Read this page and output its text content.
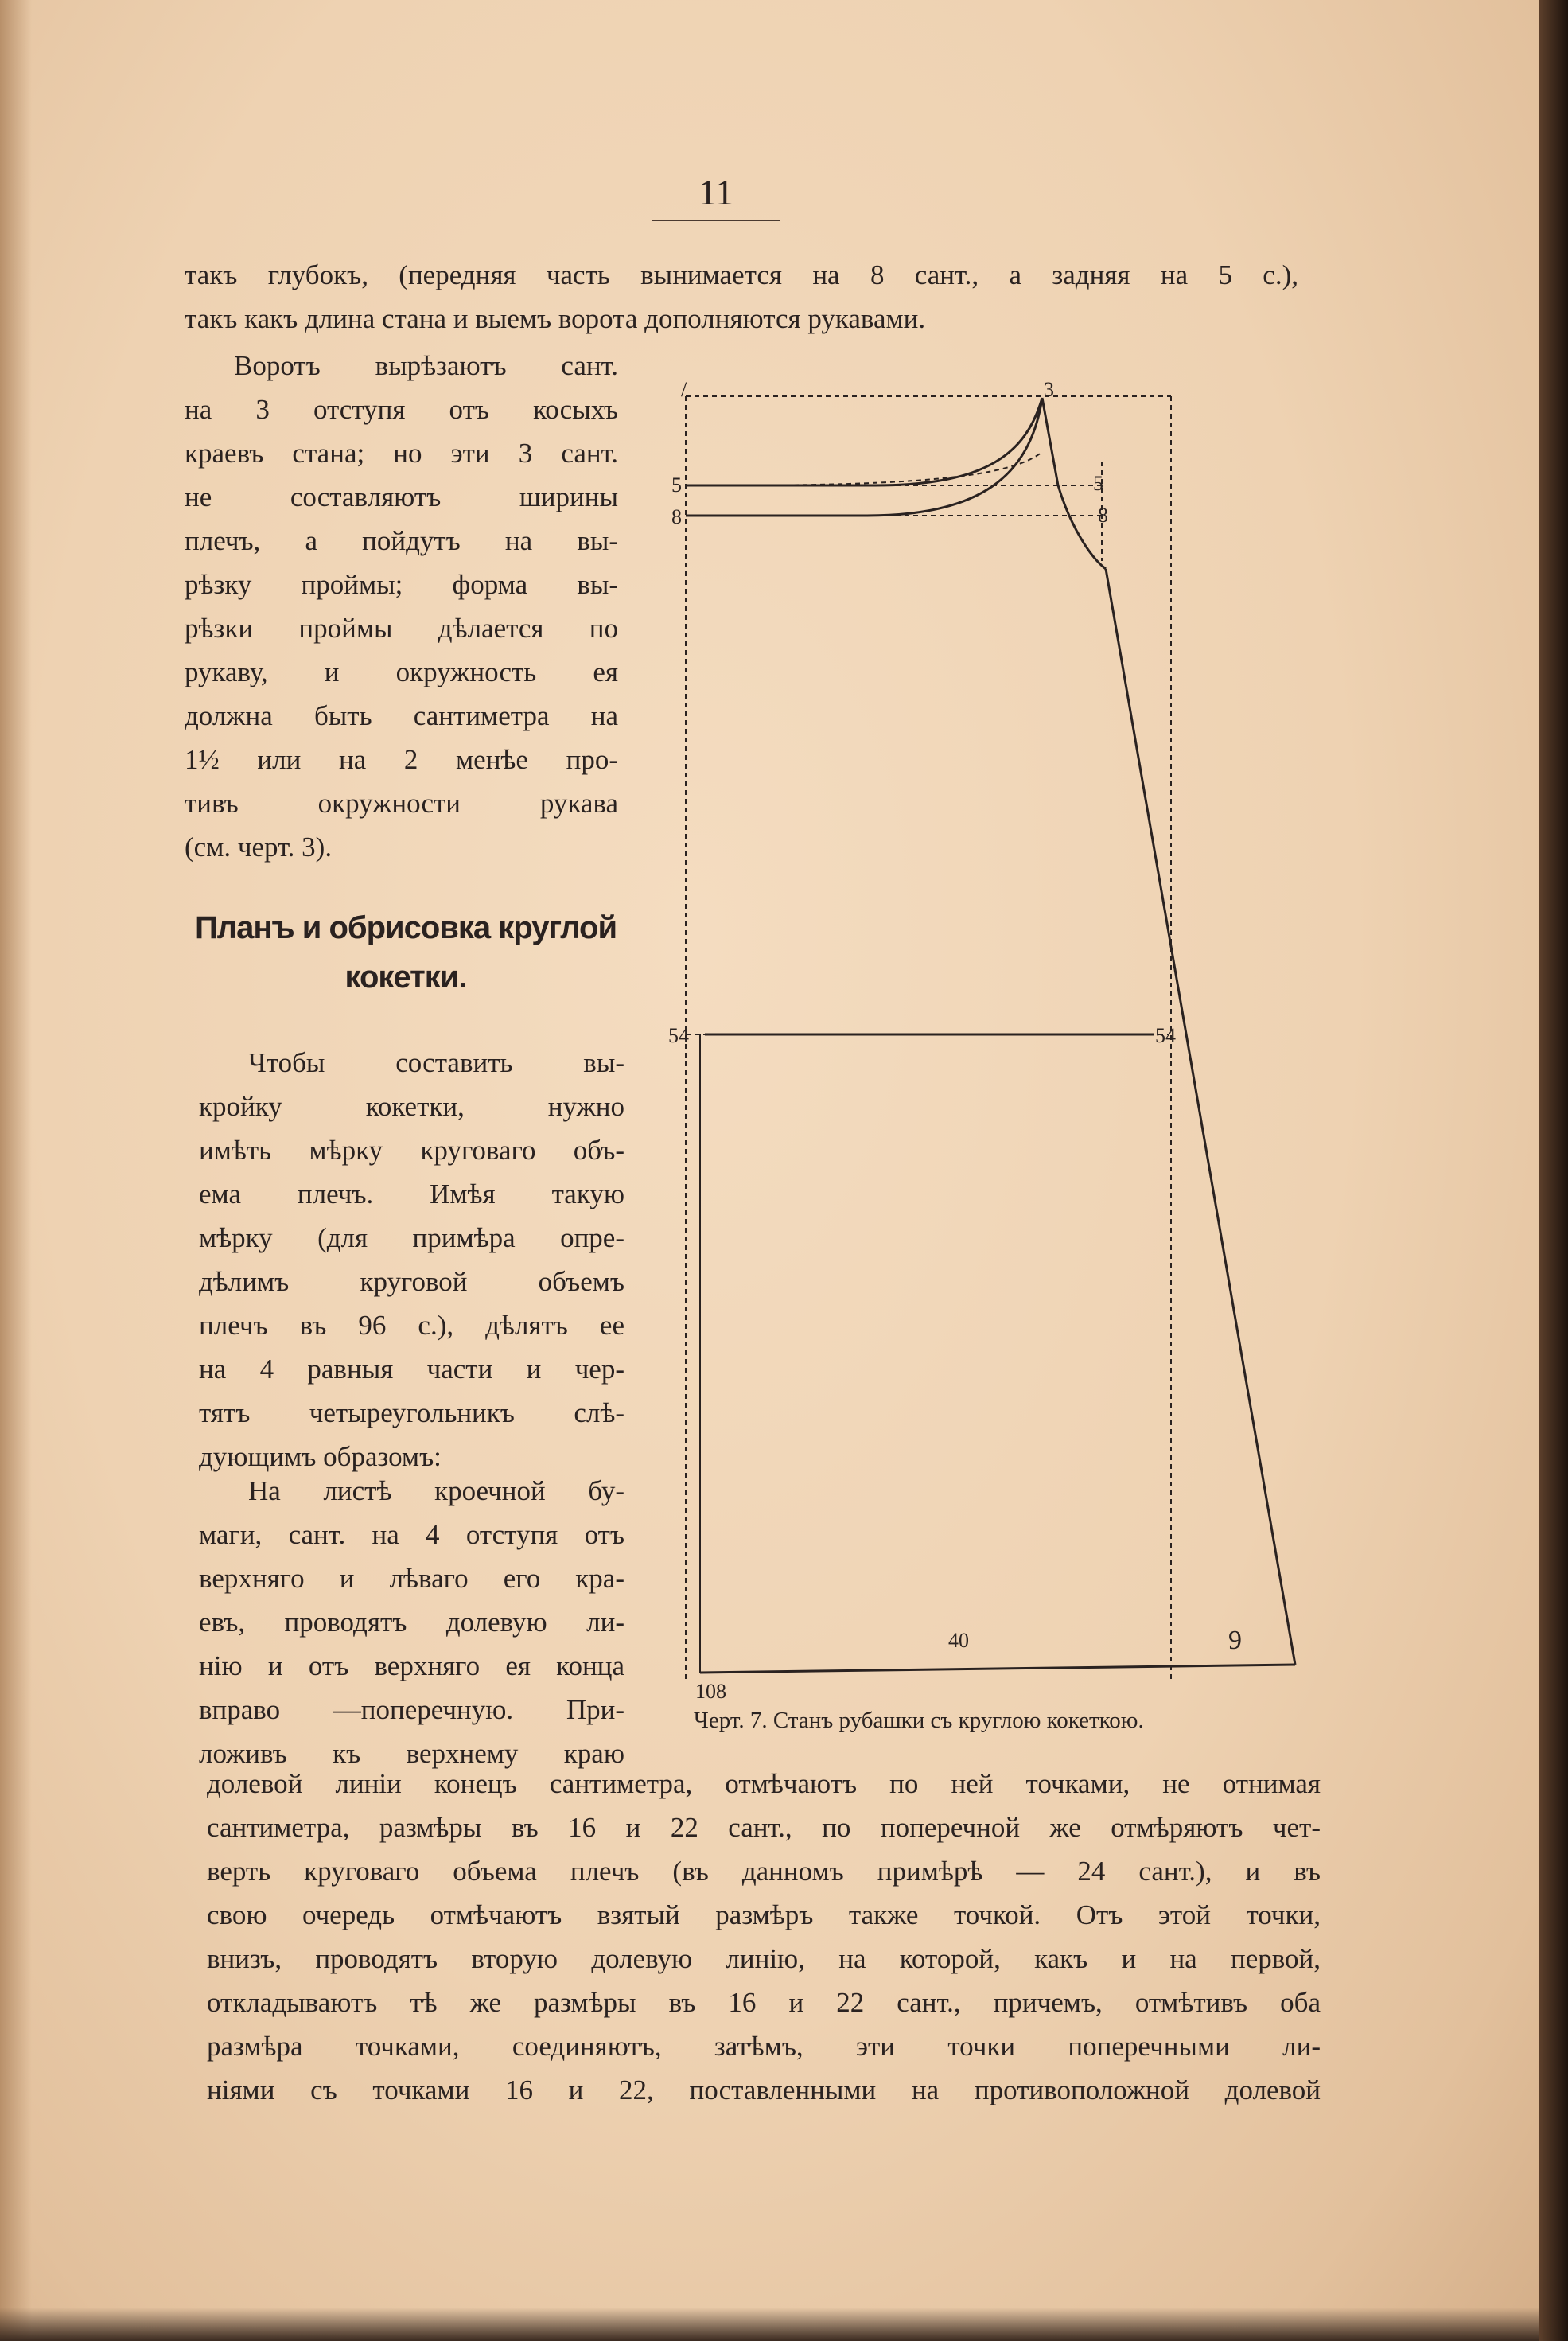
11
такъ глубокъ, (передняя часть вынимается на 8 сант., а задняя на 5 с.),
такъ какъ длина стана и выемъ ворота дополняются рукавами.
Воротъ вырѣзаютъ сант.
на 3 отступя отъ косыхъ
краевъ стана; но эти 3 сант.
не составляютъ ширины
плечъ, а пойдутъ на вы-
рѣзку проймы; форма вы-
рѣзки проймы дѣлается по
рукаву, и окружность ея
должна быть сантиметра на
1½ или на 2 менѣе про-
тивъ окружности рукава
(см. черт. 3).
Планъ и обрисовка круглой
кокетки.
Чтобы составить вы-
кройку кокетки, нужно
имѣть мѣрку круговаго объ-
ема плечъ. Имѣя такую
мѣрку (для примѣра опре-
дѣлимъ круговой объемъ
плечъ въ 96 с.), дѣлятъ ее
на 4 равныя части и чер-
тятъ четыреугольникъ слѣ-
дующимъ образомъ:
На листѣ кроечной бу-
маги, сант. на 4 отступя отъ
верхняго и лѣваго его кра-
евъ, проводятъ долевую ли-
нію и отъ верхняго ея конца
вправо —поперечную. При-
ложивъ къ верхнему краю
/	3
5
8
5
8
54	54
40	9
108
Черт. 7. Станъ рубашки съ круглою кокеткою.
долевой линіи конецъ сантиметра, отмѣчаютъ по ней точками, не отнимая
сантиметра, размѣры въ 16 и 22 сант., по поперечной же отмѣряютъ чет-
верть круговаго объема плечъ (въ данномъ примѣрѣ — 24 сант.), и въ
свою очередь отмѣчаютъ взятый размѣръ также точкой. Отъ этой точки,
внизъ, проводятъ вторую долевую линію, на которой, какъ и на первой,
откладываютъ тѣ же размѣры въ 16 и 22 сант., причемъ, отмѣтивъ оба
размѣра точками, соединяютъ, затѣмъ, эти точки поперечными ли-
ніями съ точками 16 и 22, поставленными на противоположной долевой
